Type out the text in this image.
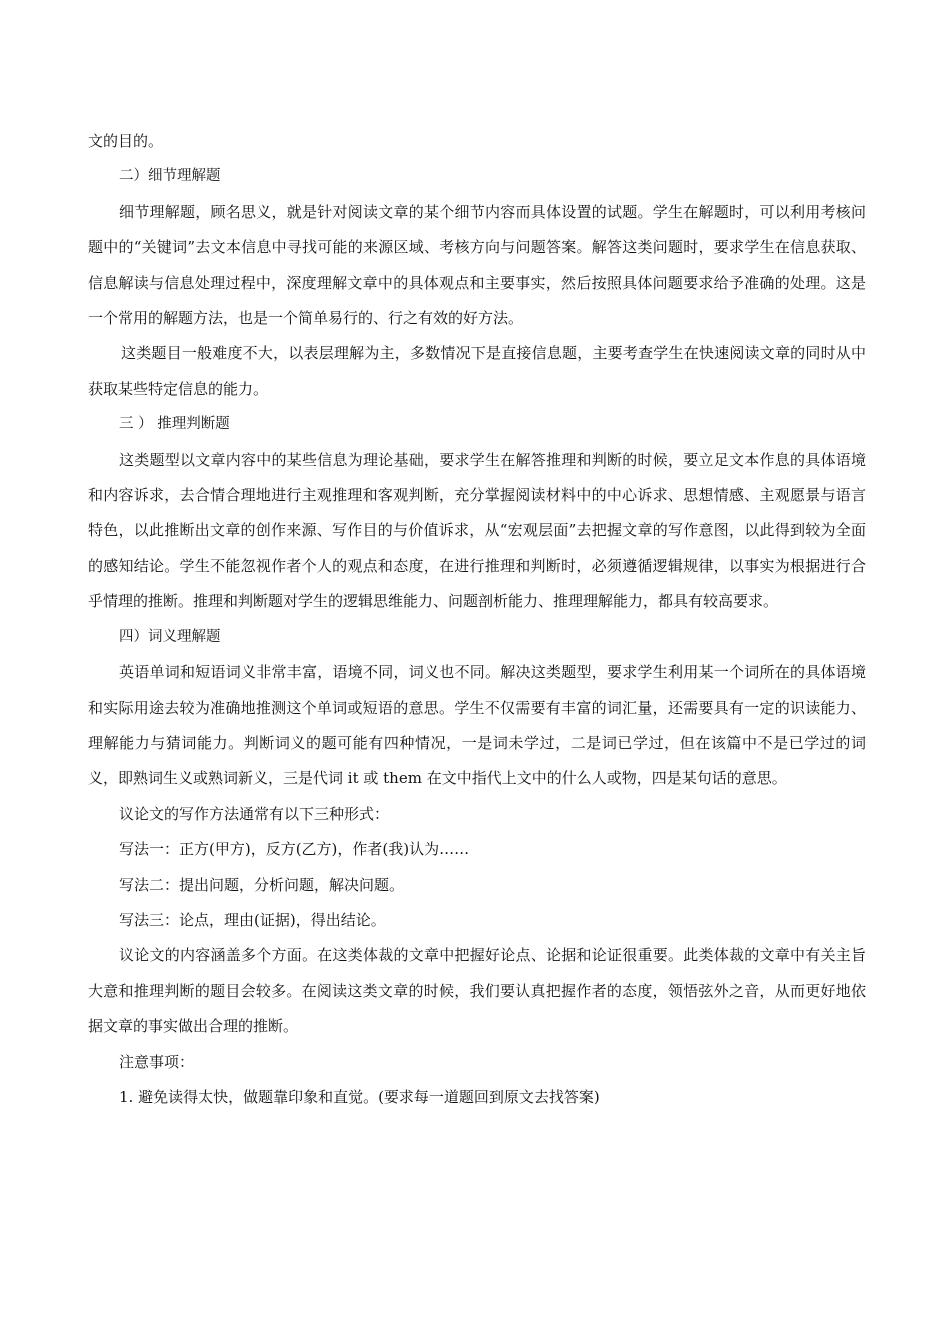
文的目的。

二）细节理解题

细节理解题，顾名思义，就是针对阅读文章的某个细节内容而具体设置的试题。学生在解题时，可以利用考核问题中的“关键词”去文本信息中寻找可能的来源区域、考核方向与问题答案。解答这类问题时，要求学生在信息获取、信息解读与信息处理过程中，深度理解文章中的具体观点和主要事实，然后按照具体问题要求给予准确的处理。这是一个常用的解题方法，也是一个简单易行的、行之有效的好方法。

这类题目一般难度不大，以表层理解为主，多数情况下是直接信息题，主要考查学生在快速阅读文章的同时从中获取某些特定信息的能力。

三 ） 推理判断题

这类题型以文章内容中的某些信息为理论基础，要求学生在解答推理和判断的时候，要立足文本作息的具体语境和内容诉求，去合情合理地进行主观推理和客观判断，充分掌握阅读材料中的中心诉求、思想情感、主观愿景与语言特色，以此推断出文章的创作来源、写作目的与价值诉求，从“宏观层面”去把握文章的写作意图，以此得到较为全面的感知结论。学生不能忽视作者个人的观点和态度，在进行推理和判断时，必须遵循逻辑规律，以事实为根据进行合乎情理的推断。推理和判断题对学生的逻辑思维能力、问题剖析能力、推理理解能力，都具有较高要求。

四）词义理解题

英语单词和短语词义非常丰富，语境不同，词义也不同。解决这类题型，要求学生利用某一个词所在的具体语境和实际用途去较为准确地推测这个单词或短语的意思。学生不仅需要有丰富的词汇量，还需要具有一定的识读能力、理解能力与猜词能力。判断词义的题可能有四种情况，一是词未学过，二是词已学过，但在该篇中不是已学过的词义，即熟词生义或熟词新义，三是代词 it 或 them 在文中指代上文中的什么人或物，四是某句话的意思。

议论文的写作方法通常有以下三种形式：

写法一：正方(甲方)，反方(乙方)，作者(我)认为……

写法二：提出问题，分析问题，解决问题。

写法三：论点，理由(证据)，得出结论。

议论文的内容涵盖多个方面。在这类体裁的文章中把握好论点、论据和论证很重要。此类体裁的文章中有关主旨大意和推理判断的题目会较多。在阅读这类文章的时候，我们要认真把握作者的态度，领悟弦外之音，从而更好地依据文章的事实做出合理的推断。

注意事项：

1. 避免读得太快，做题靠印象和直觉。(要求每一道题回到原文去找答案)
